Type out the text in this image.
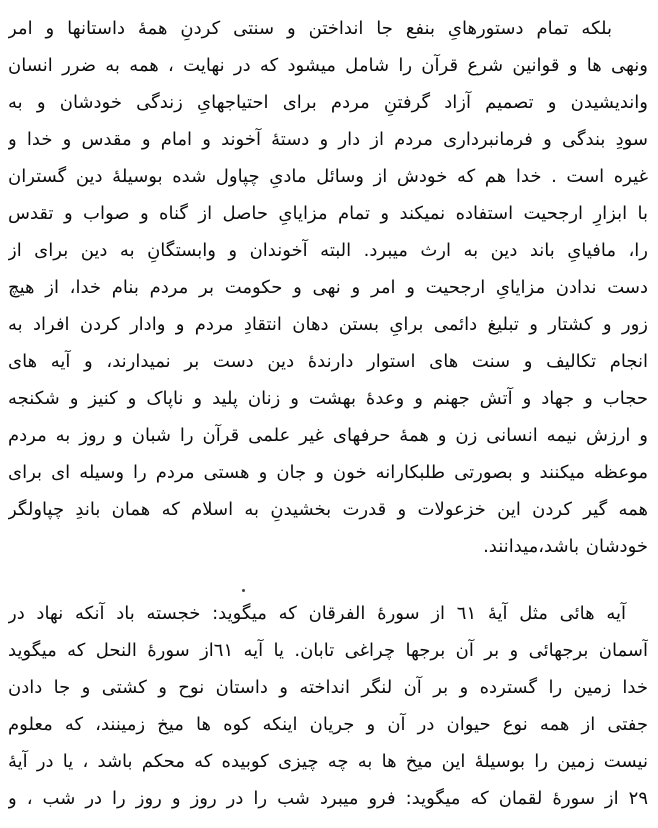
بلکه تمام دستورهایِ بنفع جا انداختن و سنتی کردنِ همهٔ داستانها و امر
ونهی ها و قوانین شرع قرآن را شامل میشود که در نهایت ، همه به ضرر انسان
واندیشیدن و تصمیم آزاد گرفتنِ مردم برای احتیاجهایِ زندگی خودشان و به
سودِ بندگی و فرمانبرداری مردم از دار و دستهٔ آخوند و امام و مقدس و خدا و
غیره است . خدا هم که خودش از وسائل مادیِ چپاول شده بوسیلهٔ دین گستران
با ابزارِ ارجحیت استفاده نمیکند و تمام مزایایِ حاصل از گناه و صواب و تقدس
را، مافیایِ باند دین به ارث میبرد. البته آخوندان و وابستگانِ به دین برای از
دست ندادن مزایایِ ارجحیت و امر و نهی و حکومت بر مردم بنام خدا، از هیچ
زور و کشتار و تبلیغ دائمی برایِ بستن دهان انتقادِ مردم و وادار کردن افراد به
انجام تکالیف و سنت های استوار دارندهٔ دین دست بر نمیدارند، و آیه های
حجاب و جهاد و آتش جهنم و وعدهٔ بهشت و زنان پلید و ناپاک و کنیز و شکنجه
و ارزش نیمه انسانی زن و همهٔ حرفهای غیر علمی قرآن را شبان و روز به مردم
موعظه میکنند و بصورتی طلبکارانه خون و جان و هستی مردم را وسیله ای برای
همه گیر کردن این خزعولات و قدرت بخشیدنِ به اسلام که همان باندِ چپاولگر
خودشان باشد،میدانند.
آیه هائی مثل آیهٔ ٦١ از سورهٔ الفرقان که میگوید: خجسته باد آنکه نهاد در
آسمان برجهائی و بر آن برجها چراغی تابان. یا آیه ٦١از سورهٔ النحل که میگوید
خدا زمین را گسترده و بر آن لنگر انداخته و داستان نوح و کشتی و جا دادن
جفتی از همه نوع حیوان در آن و جریان اینکه کوه ها میخ زمینند، که معلوم
نیست زمین را بوسیلهٔ این میخ ها به چه چیزی کوبیده که محکم باشد ، یا در آیهٔ
۲۹ از سورهٔ لقمان که میگوید: فرو میبرد شب را در روز و روز را در شب ، و
